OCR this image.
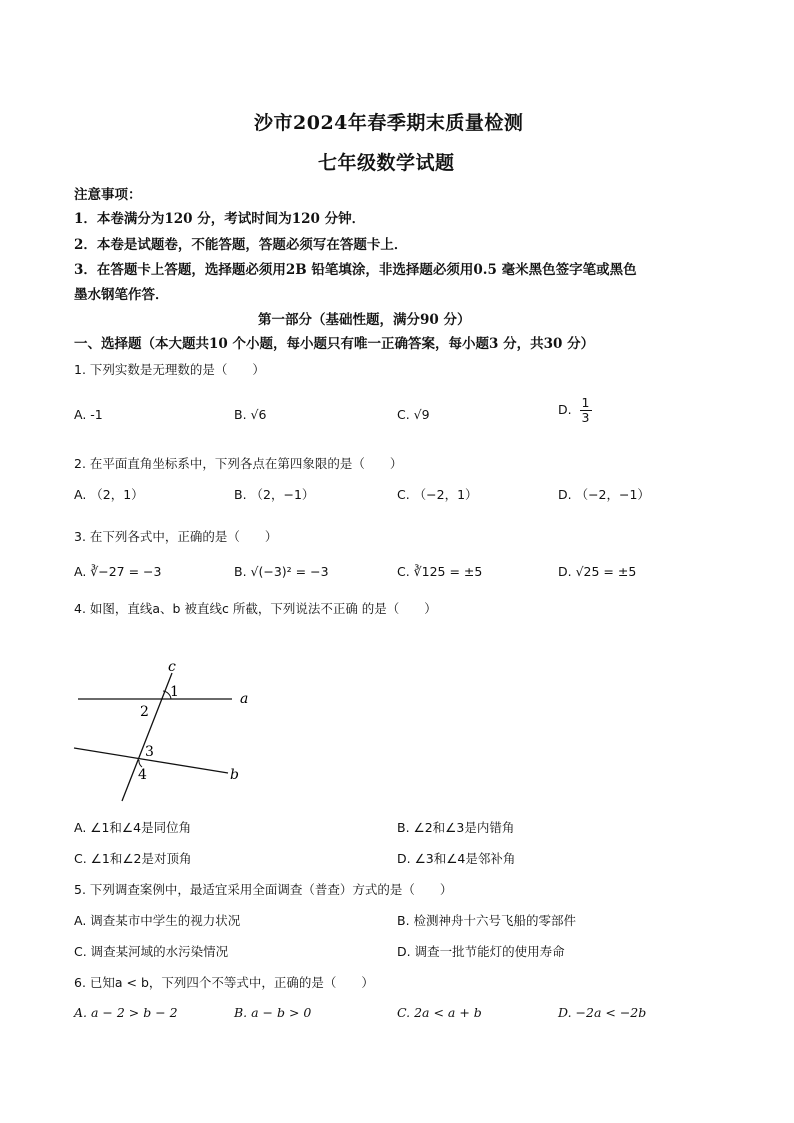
沙市2024年春季期末质量检测
七年级数学试题
注意事项：
1．本卷满分为120 分，考试时间为120 分钟．
2．本卷是试题卷，不能答题，答题必须写在答题卡上．
3．在答题卡上答题，选择题必须用2B 铅笔填涂，非选择题必须用0.5 毫米黑色签字笔或黑色
墨水钢笔作答．
第一部分（基础性题，满分90 分）
一、选择题（本大题共10 个小题，每小题只有唯一正确答案，每小题3 分，共30 分）
1. 下列实数是无理数的是（　　）
A. -1	B. √6	C. √9	D. $\frac{1}{3}$
2. 在平面直角坐标系中，下列各点在第四象限的是（　　）
A. （2，1）	B. （2，−1）	C. （−2，1）	D. （−2，−1）
3. 在下列各式中，正确的是（　　）
A. ∛−27 = −3	B. √(−3)² = −3	C. ∛125 = ±5	D. √25 = ±5
4. 如图，直线a、b 被直线c 所截，下列说法不正确 的是（　　）
c
1	a
2
3
4	b
A. ∠1和∠4是同位角	B. ∠2和∠3是内错角
C. ∠1和∠2是对顶角	D. ∠3和∠4是邻补角
5. 下列调查案例中，最适宜采用全面调查（普查）方式的是（　　）
A. 调查某市中学生的视力状况	B. 检测神舟十六号飞船的零部件
C. 调查某河域的水污染情况	D. 调查一批节能灯的使用寿命
6. 已知a < b，下列四个不等式中，正确的是（　　）
A. a − 2 > b − 2	B. a − b > 0	C. 2a < a + b	D. −2a < −2b
